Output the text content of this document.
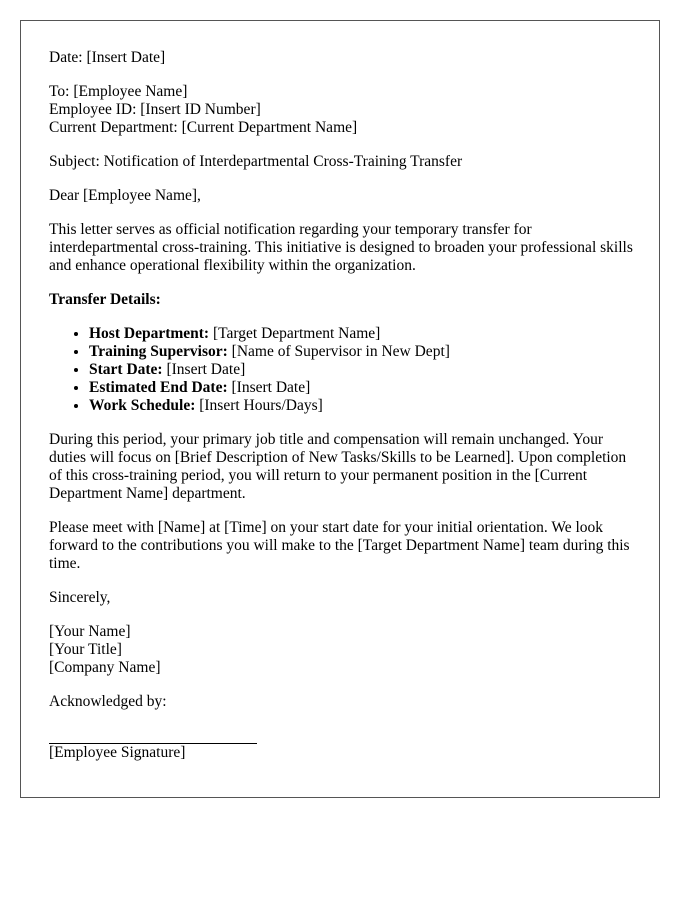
Date: [Insert Date]

To: [Employee Name]

Employee ID: [Insert ID Number]

Current Department: [Current Department Name]

Subject: Notification of Interdepartmental Cross-Training Transfer

Dear [Employee Name],

This letter serves as official notification regarding your temporary transfer for interdepartmental cross-training. This initiative is designed to broaden your professional skills and enhance operational flexibility within the organization.

Transfer Details:
• Host Department: [Target Department Name]
• Training Supervisor: [Name of Supervisor in New Dept]
• Start Date: [Insert Date]
• Estimated End Date: [Insert Date]
• Work Schedule: [Insert Hours/Days]

During this period, your primary job title and compensation will remain unchanged. Your duties will focus on [Brief Description of New Tasks/Skills to be Learned]. Upon completion of this cross-training period, you will return to your permanent position in the [Current Department Name] department.

Please meet with [Name] at [Time] on your start date for your initial orientation. We look forward to the contributions you will make to the [Target Department Name] team during this time.

Sincerely,

[Your Name]

[Your Title]

[Company Name]

Acknowledged by:

[Employee Signature]
